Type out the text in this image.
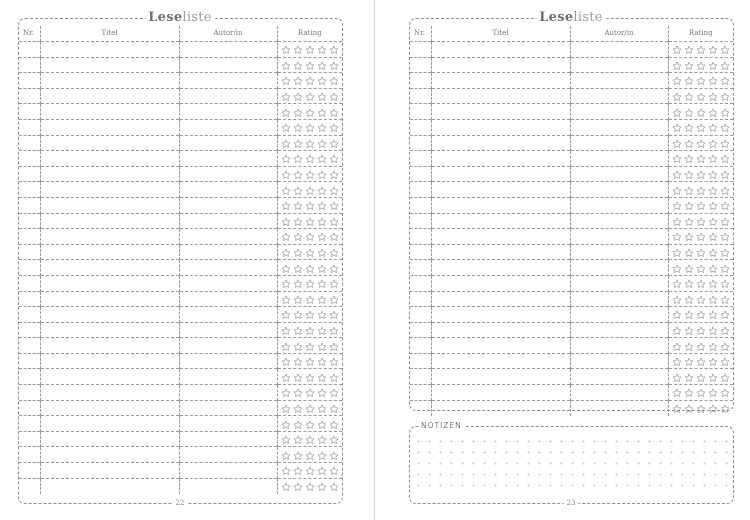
Leseliste
Nr.	Titel	Autor/in	Rating

22
Leseliste
Nr.	Titel	Autor/in	Rating

23
NOTIZEN
